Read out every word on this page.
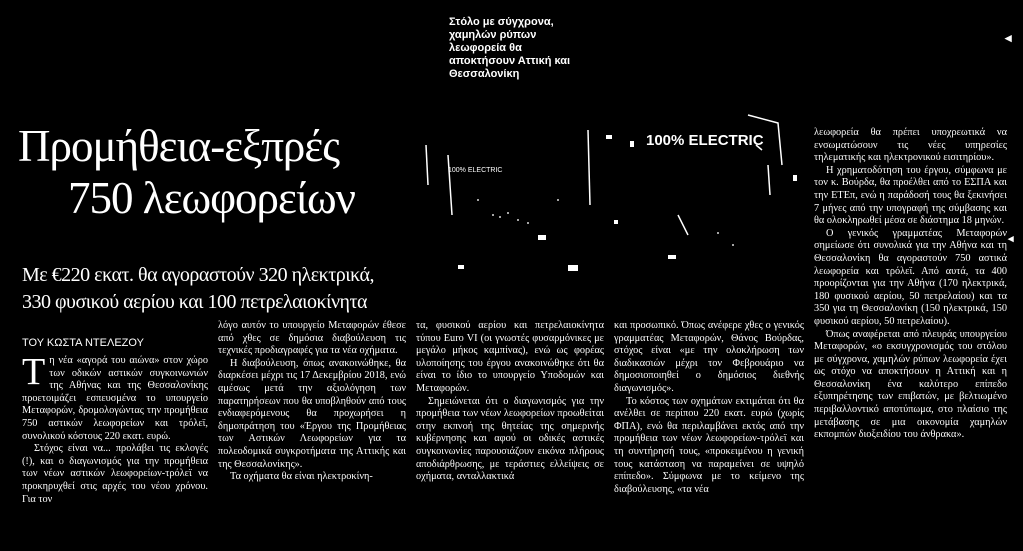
Προμήθεια-εξπρές
750 λεωφορείων
Με €220 εκατ. θα αγοραστούν 320 ηλεκτρικά,
330 φυσικού αερίου και 100 πετρελαιοκίνητα
ΤΟΥ ΚΩΣΤΑ ΝΤΕΛΕΖΟΥ

Τη νέα «αγορά του αιώνα» στον χώρο των οδικών αστικών συγκοινωνιών της Αθήνας και της Θεσσαλονίκης προετοιμάζει εσπευσμένα το υπουργείο Μεταφορών, δρομολογώντας την προμήθεια 750 αστικών λεωφορείων και τρόλεϊ, συνολικού κόστους 220 εκατ. ευρώ.

Στόχος είναι να... προλάβει τις εκλογές (!), και ο διαγωνισμός για την προμήθεια των νέων αστικών λεωφορείων-τρόλεϊ να προκηρυχθεί στις αρχές του νέου χρόνου. Για τον

λόγο αυτόν το υπουργείο Μεταφορών έθεσε από χθες σε δημόσια διαβούλευση τις τεχνικές προδιαγραφές για τα νέα οχήματα.

Η διαβούλευση, όπως ανακοινώθηκε, θα διαρκέσει μέχρι τις 17 Δεκεμβρίου 2018, ενώ αμέσως μετά την αξιολόγηση των παρατηρήσεων που θα υποβληθούν από τους ενδιαφερόμενους θα προχωρήσει η δημοπράτηση του «Έργου της Προμήθειας των Αστικών Λεωφορείων για τα πολεοδομικά συγκροτήματα της Αττικής και της Θεσσαλονίκης».

Τα οχήματα θα είναι ηλεκτροκίνη-

τα, φυσικού αερίου και πετρελαιοκίνητα τύπου Euro VI (οι γνωστές φυσαρμόνικες με μεγάλο μήκος καμπίνας), ενώ ως φορέας υλοποίησης του έργου ανακοινώθηκε ότι θα είναι το ίδιο το υπουργείο Υποδομών και Μεταφορών.

Σημειώνεται ότι ο διαγωνισμός για την προμήθεια των νέων λεωφορείων προωθείται στην εκπνοή της θητείας της σημερινής κυβέρνησης και αφού οι οδικές αστικές συγκοινωνίες παρουσιάζουν εικόνα πλήρους αποδιάρθρωσης, με τεράστιες ελλείψεις σε οχήματα, ανταλλακτικά

και προσωπικό. Όπως ανέφερε χθες ο γενικός γραμματέας Μεταφορών, Θάνος Βούρδας, στόχος είναι «με την ολοκλήρωση των διαδικασιών μέχρι τον Φεβρουάριο να δημοσιοποιηθεί ο δημόσιος διεθνής διαγωνισμός».

Το κόστος των οχημάτων εκτιμάται ότι θα ανέλθει σε περίπου 220 εκατ. ευρώ (χωρίς ΦΠΑ), ενώ θα περιλαμβάνει εκτός από την προμήθεια των νέων λεωφορείων-τρόλεϊ και τη συντήρησή τους, «προκειμένου η γενική τους κατάσταση να παραμείνει σε υψηλό επίπεδο». Σύμφωνα με το κείμενο της διαβούλευσης, «τα νέα

λεωφορεία θα πρέπει υποχρεωτικά να ενσωματώσουν τις νέες υπηρεσίες τηλεματικής και ηλεκτρονικού εισιτηρίου».

Η χρηματοδότηση του έργου, σύμφωνα με τον κ. Βούρδα, θα προέλθει από το ΕΣΠΑ και την ΕΤΕπ, ενώ η παράδοσή τους θα ξεκινήσει 7 μήνες από την υπογραφή της σύμβασης και θα ολοκληρωθεί μέσα σε διάστημα 18 μηνών.

Ο γενικός γραμματέας Μεταφορών σημείωσε ότι συνολικά για την Αθήνα και τη Θεσσαλονίκη θα αγοραστούν 750 αστικά λεωφορεία και τρόλεϊ. Από αυτά, τα 400 προορίζονται για την Αθήνα (170 ηλεκτρικά, 180 φυσικού αερίου, 50 πετρελαίου) και τα 350 για τη Θεσσαλονίκη (150 ηλεκτρικά, 150 φυσικού αερίου, 50 πετρελαίου).

Όπως αναφέρεται από πλευράς υπουργείου Μεταφορών, «ο εκσυγχρονισμός του στόλου με σύγχρονα, χαμηλών ρύπων λεωφορεία έχει ως στόχο να αποκτήσουν η Αττική και η Θεσσαλονίκη ένα καλύτερο επίπεδο εξυπηρέτησης των επιβατών, με βελτιωμένο περιβαλλοντικό αποτύπωμα, στο πλαίσιο της μετάβασης σε μια οικονομία χαμηλών εκπομπών διοξειδίου του άνθρακα».

Στόλο με σύγχρονα, χαμηλών ρύπων λεωφορεία θα αποκτήσουν Αττική και Θεσσαλονίκη
100% ELECTRIC
100% ELECTRIC
◂
◂
